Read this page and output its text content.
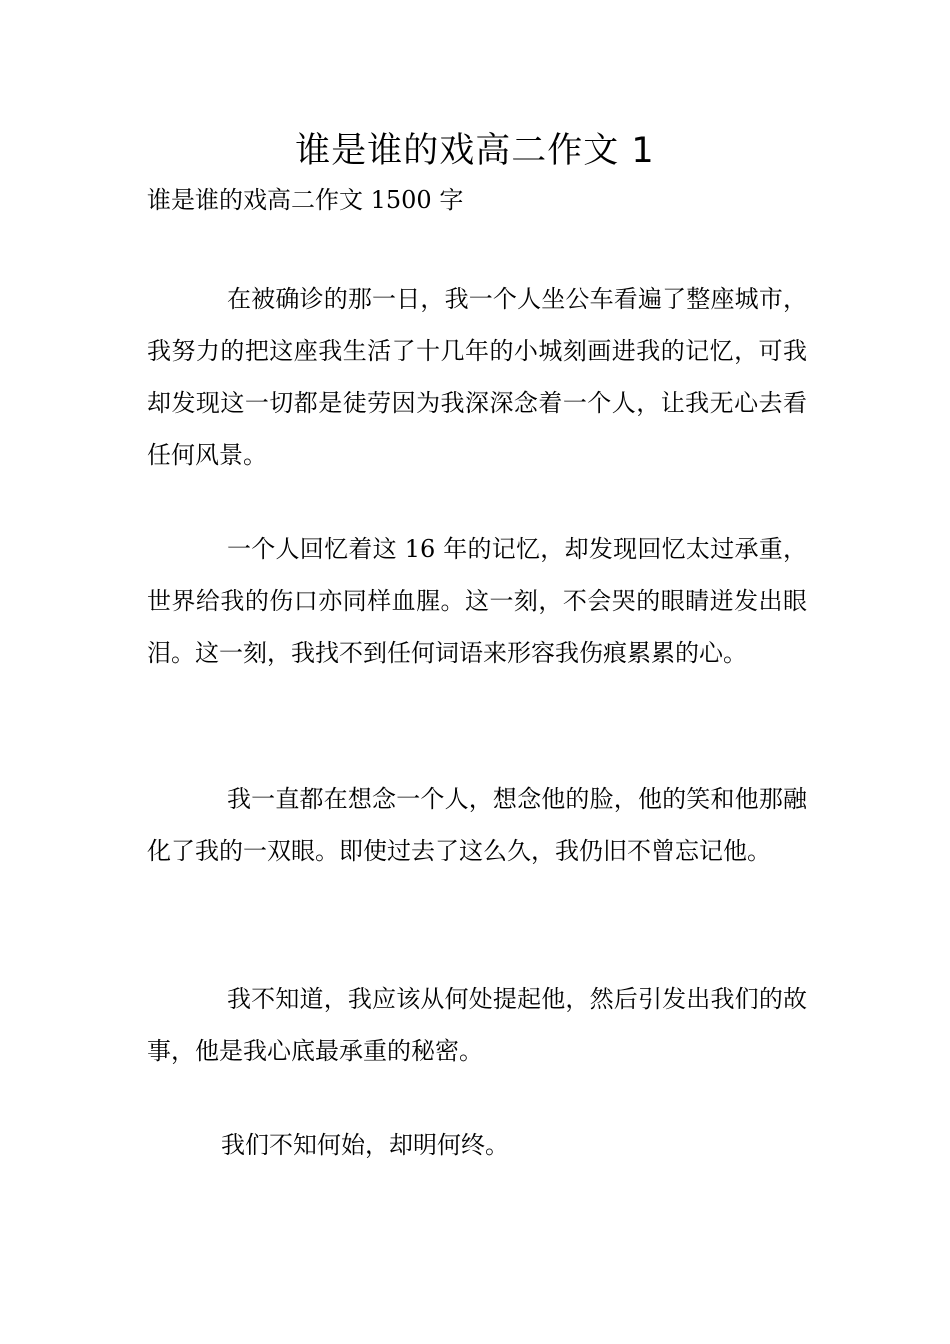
谁是谁的戏高二作文 1

谁是谁的戏高二作文 1500 字

在被确诊的那一日，我一个人坐公车看遍了整座城市，我努力的把这座我生活了十几年的小城刻画进我的记忆，可我却发现这一切都是徒劳因为我深深念着一个人，让我无心去看任何风景。

一个人回忆着这 16 年的记忆，却发现回忆太过承重，世界给我的伤口亦同样血腥。这一刻，不会哭的眼睛迸发出眼泪。这一刻，我找不到任何词语来形容我伤痕累累的心。

我一直都在想念一个人，想念他的脸，他的笑和他那融化了我的一双眼。即使过去了这么久，我仍旧不曾忘记他。

我不知道，我应该从何处提起他，然后引发出我们的故事，他是我心底最承重的秘密。

我们不知何始，却明何终。
